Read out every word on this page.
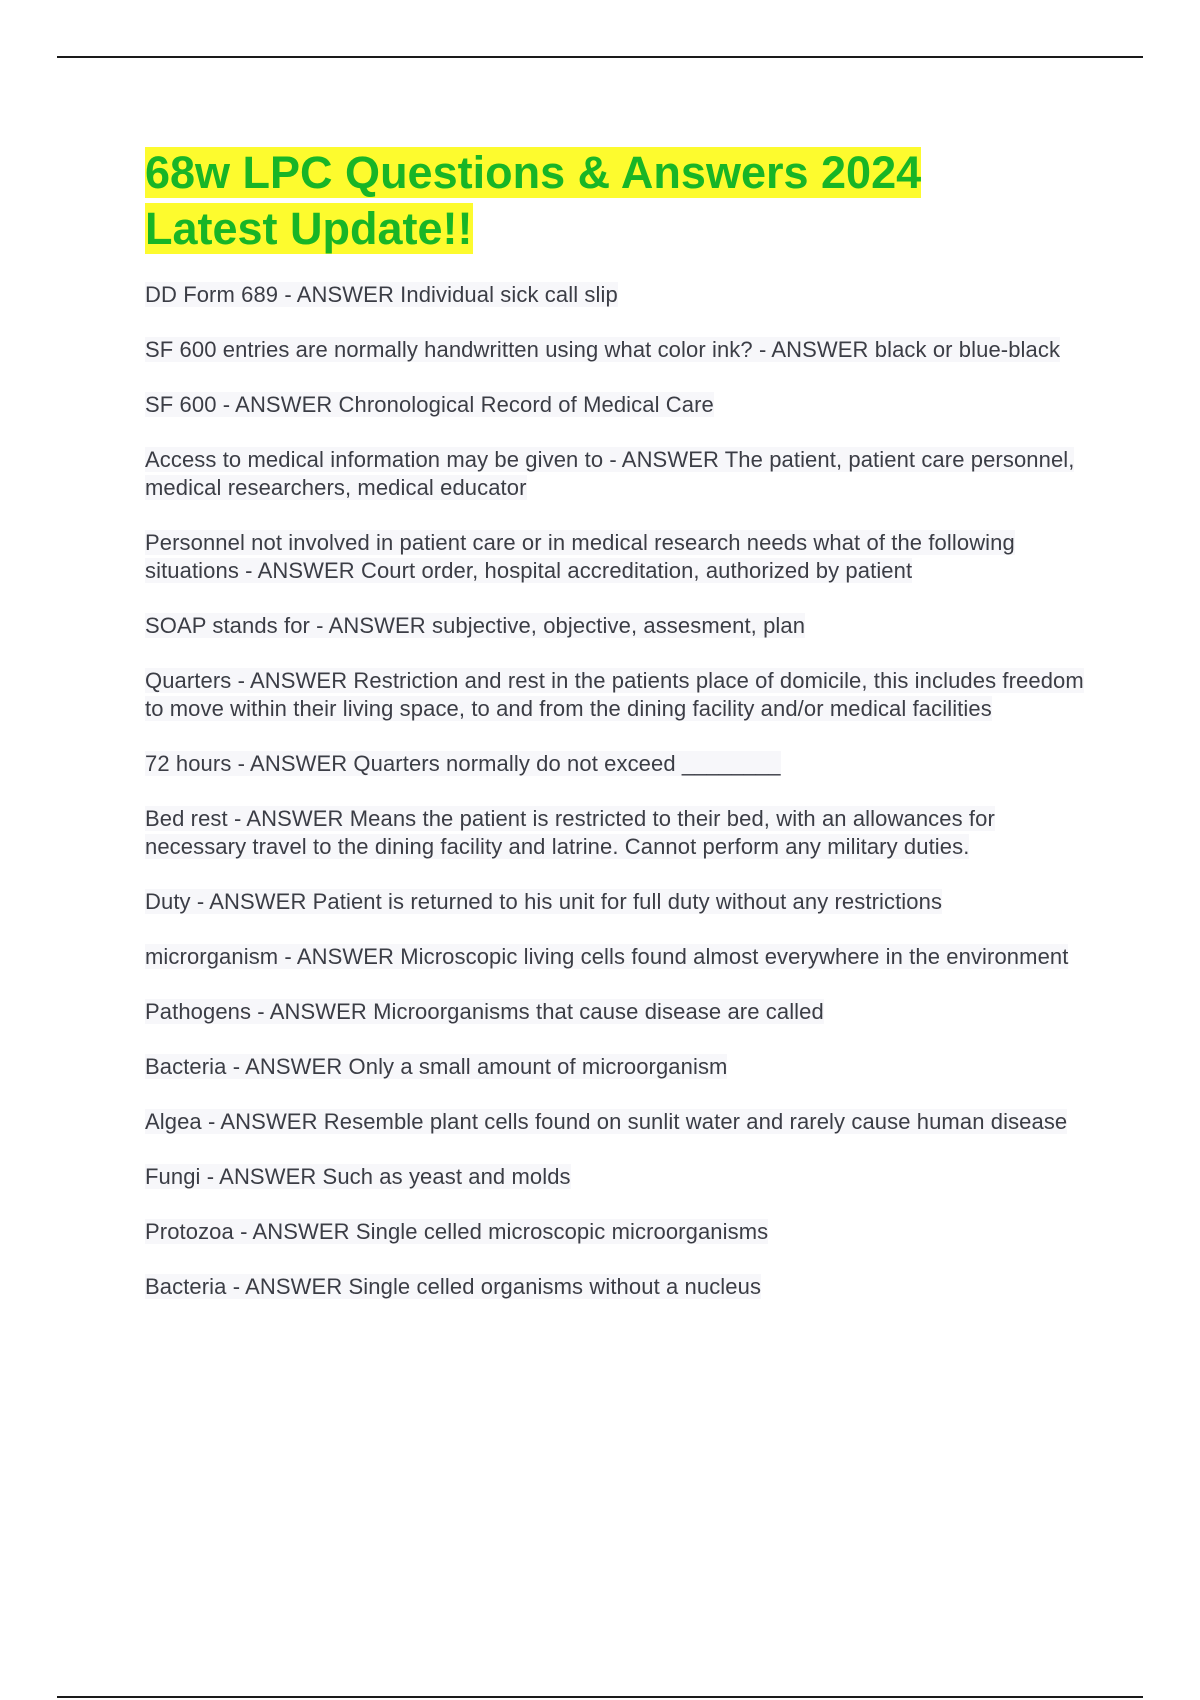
68w LPC Questions & Answers 2024
Latest Update!!

DD Form 689 - ANSWER Individual sick call slip

SF 600 entries are normally handwritten using what color ink? - ANSWER black or blue-black

SF 600 - ANSWER Chronological Record of Medical Care

Access to medical information may be given to - ANSWER The patient, patient care personnel, medical researchers, medical educator

Personnel not involved in patient care or in medical research needs what of the following situations - ANSWER Court order, hospital accreditation, authorized by patient

SOAP stands for - ANSWER subjective, objective, assesment, plan

Quarters - ANSWER Restriction and rest in the patients place of domicile, this includes freedom to move within their living space, to and from the dining facility and/or medical facilities

72 hours - ANSWER Quarters normally do not exceed ________

Bed rest - ANSWER Means the patient is restricted to their bed, with an allowances for necessary travel to the dining facility and latrine. Cannot perform any military duties.

Duty - ANSWER Patient is returned to his unit for full duty without any restrictions

microrganism - ANSWER Microscopic living cells found almost everywhere in the environment

Pathogens - ANSWER Microorganisms that cause disease are called

Bacteria - ANSWER Only a small amount of microorganism

Algea - ANSWER Resemble plant cells found on sunlit water and rarely cause human disease

Fungi - ANSWER Such as yeast and molds

Protozoa - ANSWER Single celled microscopic microorganisms

Bacteria - ANSWER Single celled organisms without a nucleus
